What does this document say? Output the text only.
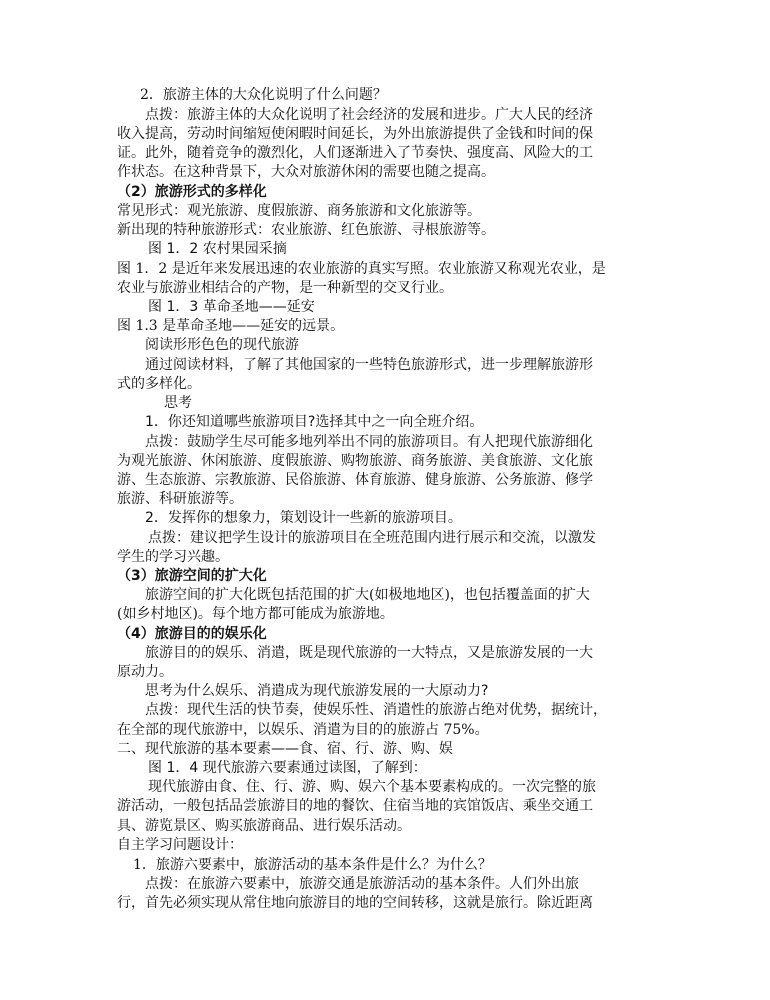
2．旅游主体的大众化说明了什么问题？
点拨：旅游主体的大众化说明了社会经济的发展和进步。广大人民的经济
收入提高，劳动时间缩短使闲暇时间延长，为外出旅游提供了金钱和时间的保
证。此外，随着竞争的激烈化，人们逐渐进入了节奏快、强度高、风险大的工
作状态。在这种背景下，大众对旅游休闲的需要也随之提高。
（2）旅游形式的多样化
常见形式：观光旅游、度假旅游、商务旅游和文化旅游等。
新出现的特种旅游形式：农业旅游、红色旅游、寻根旅游等。
图 1．2 农村果园采摘
图 1．2 是近年来发展迅速的农业旅游的真实写照。农业旅游又称观光农业，是
农业与旅游业相结合的产物，是一种新型的交叉行业。
图 1．3 革命圣地——延安
图 1.3 是革命圣地——延安的远景。
阅读形形色色的现代旅游
通过阅读材料，了解了其他国家的一些特色旅游形式，进一步理解旅游形
式的多样化。
思考
1．你还知道哪些旅游项目?选择其中之一向全班介绍。
点拨：鼓励学生尽可能多地列举出不同的旅游项目。有人把现代旅游细化
为观光旅游、休闲旅游、度假旅游、购物旅游、商务旅游、美食旅游、文化旅
游、生态旅游、宗教旅游、民俗旅游、体育旅游、健身旅游、公务旅游、修学
旅游、科研旅游等。
2．发挥你的想象力，策划设计一些新的旅游项目。
点拨：建议把学生设计的旅游项目在全班范围内进行展示和交流，以激发
学生的学习兴趣。
（3）旅游空间的扩大化
旅游空间的扩大化既包括范围的扩大(如极地地区)，也包括覆盖面的扩大
(如乡村地区)。每个地方都可能成为旅游地。
（4）旅游目的的娱乐化
旅游目的的娱乐、消遣，既是现代旅游的一大特点，又是旅游发展的一大
原动力。
思考 为什么娱乐、消遣成为现代旅游发展的一大原动力?
点拨：现代生活的快节奏，使娱乐性、消遣性的旅游占绝对优势，据统计，
在全部的现代旅游中，以娱乐、消遣为目的的旅游占 75%。
二、现代旅游的基本要素——食、宿、行、游、购、娱
图 1．4 现代旅游六要素通过读图，了解到：
现代旅游由食、住、行、游、购、娱六个基本要素构成的。一次完整的旅
游活动，一般包括品尝旅游目的地的餐饮、住宿当地的宾馆饭店、乘坐交通工
具、游览景区、购买旅游商品、进行娱乐活动。
自主学习问题设计：
1．旅游六要素中，旅游活动的基本条件是什么？为什么？
点拨：在旅游六要素中，旅游交通是旅游活动的基本条件。人们外出旅
行，首先必须实现从常住地向旅游目的地的空间转移，这就是旅行。除近距离
